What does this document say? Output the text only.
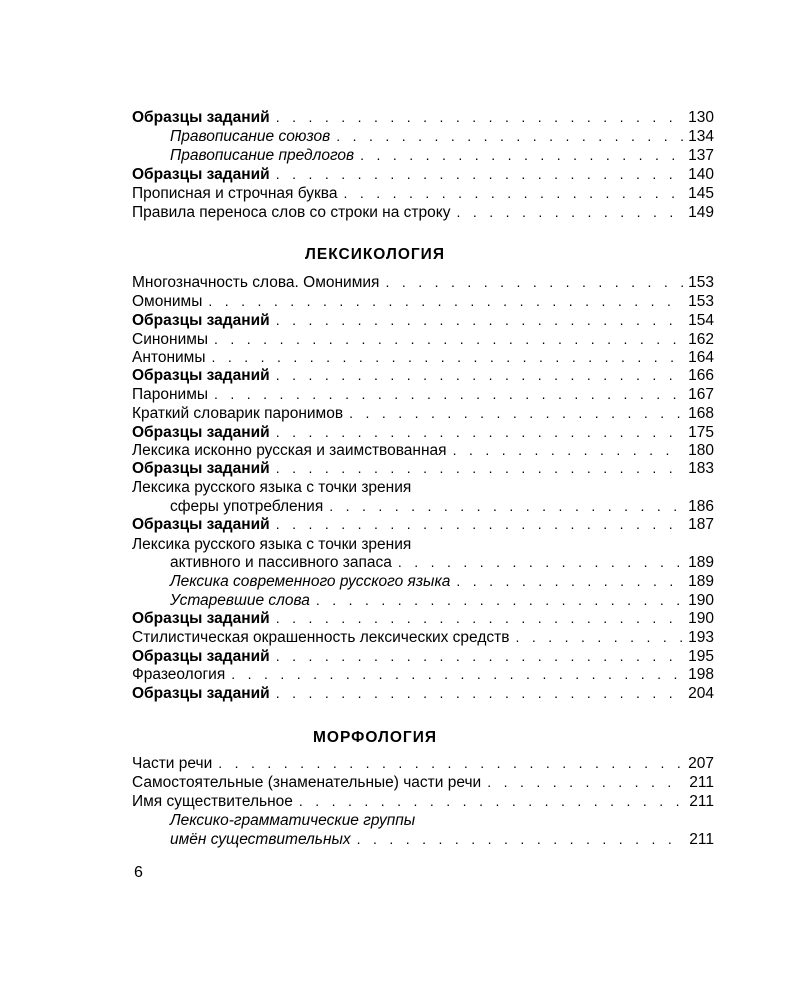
Образцы заданий . . .	130
Правописание союзов . . .	134
Правописание предлогов . . .	137
Образцы заданий . . .	140
Прописная и строчная буква . . .	145
Правила переноса слов со строки на строку . . .	149
ЛЕКСИКОЛОГИЯ
Многозначность слова. Омонимия . . .	153
Омонимы . . .	153
Образцы заданий . . .	154
Синонимы . . .	162
Антонимы . . .	164
Образцы заданий . . .	166
Паронимы . . .	167
Краткий словарик паронимов . . .	168
Образцы заданий . . .	175
Лексика исконно русская и заимствованная . . .	180
Образцы заданий . . .	183
Лексика русского языка с точки зрения
сферы употребления . . .	186
Образцы заданий . . .	187
Лексика русского языка с точки зрения
активного и пассивного запаса . . .	189
Лексика современного русского языка . . .	189
Устаревшие слова . . .	190
Образцы заданий . . .	190
Стилистическая окрашенность лексических средств . . .	193
Образцы заданий . . .	195
Фразеология . . .	198
Образцы заданий . . .	204
МОРФОЛОГИЯ
Части речи . . .	207
Самостоятельные (знаменательные) части речи . . .	211
Имя существительное . . .	211
Лексико-грамматические группы
имён существительных . . .	211
6
